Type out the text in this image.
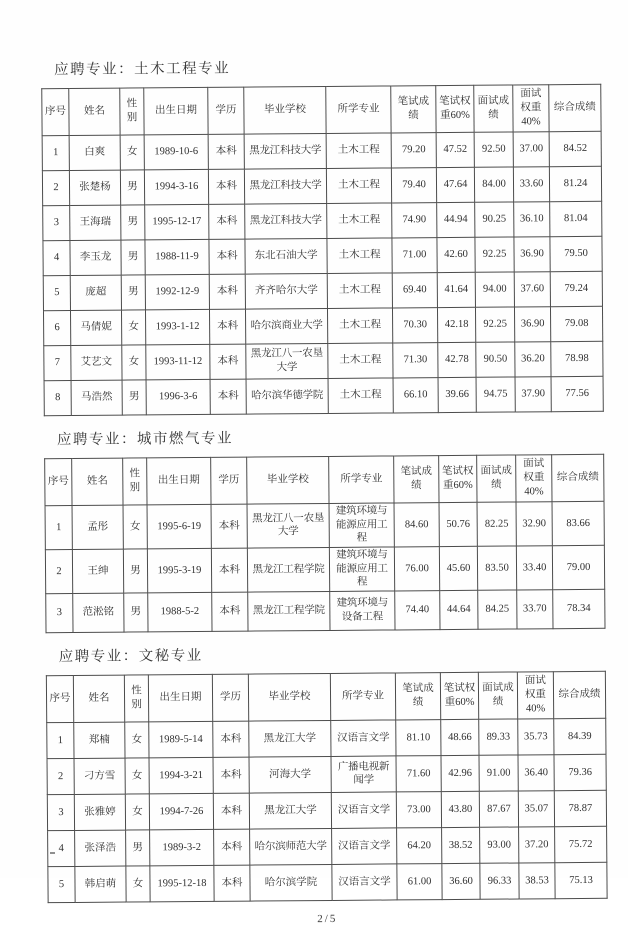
应聘专业：土木工程专业
序号	姓名	性别	出生日期	学历	毕业学校	所学专业	笔试成绩	笔试权重60%	面试成绩	面试权重40%	综合成绩
1	白爽	女	1989-10-6	本科	黑龙江科技大学	土木工程	79.20	47.52	92.50	37.00	84.52
2	张楚杨	男	1994-3-16	本科	黑龙江科技大学	土木工程	79.40	47.64	84.00	33.60	81.24
3	王海瑞	男	1995-12-17	本科	黑龙江科技大学	土木工程	74.90	44.94	90.25	36.10	81.04
4	李玉龙	男	1988-11-9	本科	东北石油大学	土木工程	71.00	42.60	92.25	36.90	79.50
5	庞超	男	1992-12-9	本科	齐齐哈尔大学	土木工程	69.40	41.64	94.00	37.60	79.24
6	马倩妮	女	1993-1-12	本科	哈尔滨商业大学	土木工程	70.30	42.18	92.25	36.90	79.08
7	艾艺文	女	1993-11-12	本科	黑龙江八一农垦大学	土木工程	71.30	42.78	90.50	36.20	78.98
8	马浩然	男	1996-3-6	本科	哈尔滨华德学院	土木工程	66.10	39.66	94.75	37.90	77.56
应聘专业：城市燃气专业
序号	姓名	性别	出生日期	学历	毕业学校	所学专业	笔试成绩	笔试权重60%	面试成绩	面试权重40%	综合成绩
1	孟彤	女	1995-6-19	本科	黑龙江八一农垦大学	建筑环境与能源应用工程	84.60	50.76	82.25	32.90	83.66
2	王绅	男	1995-3-19	本科	黑龙江工程学院	建筑环境与能源应用工程	76.00	45.60	83.50	33.40	79.00
3	范淞铭	男	1988-5-2	本科	黑龙江工程学院	建筑环境与设备工程	74.40	44.64	84.25	33.70	78.34
应聘专业：文秘专业
序号	姓名	性别	出生日期	学历	毕业学校	所学专业	笔试成绩	笔试权重60%	面试成绩	面试权重40%	综合成绩
1	郑楠	女	1989-5-14	本科	黑龙江大学	汉语言文学	81.10	48.66	89.33	35.73	84.39
2	刁方雪	女	1994-3-21	本科	河海大学	广播电视新闻学	71.60	42.96	91.00	36.40	79.36
3	张雅婷	女	1994-7-26	本科	黑龙江大学	汉语言文学	73.00	43.80	87.67	35.07	78.87
4	张泽浩	男	1989-3-2	本科	哈尔滨师范大学	汉语言文学	64.20	38.52	93.00	37.20	75.72
5	韩启萌	女	1995-12-18	本科	哈尔滨学院	汉语言文学	61.00	36.60	96.33	38.53	75.13
2/5
